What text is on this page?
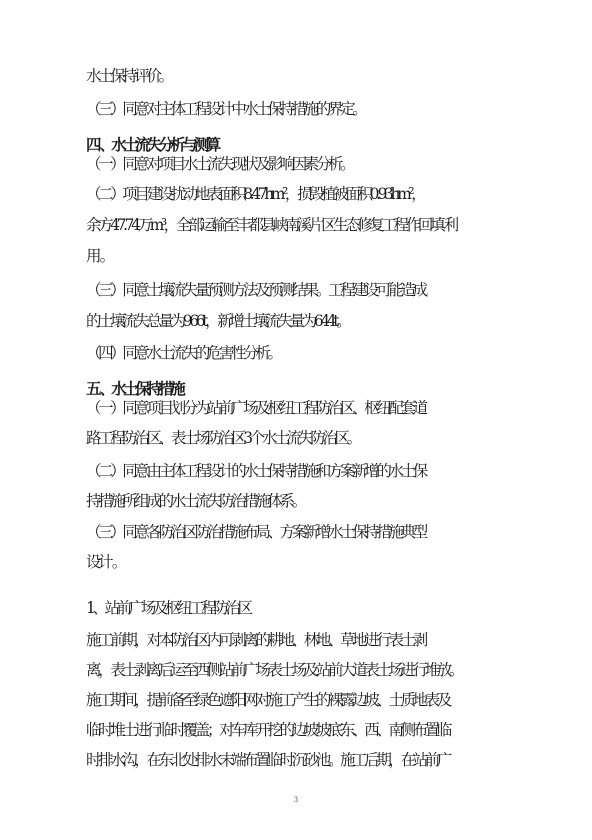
水土保持评价。
（三）同意对主体工程设计中水土保持措施的界定。
四 、水土流失分析与测算
（一）同意对项目水土流失现状及影响因素分析。
（二）项目建设扰动地表面积8.47hm²，损毁植被面积0.93hm²，
余方47.74万m³，全部运输至丰都县峡南溪片区生态修复工程作回填 利
用 。
（三）同意土壤流失量预测方法及预测结果。工程建设可能造成
的土壤流失总量为966t，新增土壤流失量为644t。
（四）同意水土流失的危害性分析。
五 、水土保持措施
（一）同意项目划分为站前广场及枢纽工程防治区、枢纽配套道
路工程防治区、表土场防治区3个水土流失防治区。
（二）同意由主体工程设计的水土保持措施和方案新增的水土保
持措施所组成的水土流失防治措施体系。
（三）同意各防治区防治措施布局、方案新增水土保持措施典型
设计 。
1、站前广场及枢纽工程防治区
施工前期，对本防治区内可剥离的耕地、林地、草地进行表土剥
离，表土剥离后运至西侧站前广场表土场及站前大道表土场进行堆放。
施工期间，提前备至绿色遮阳网对施工产生的裸露边坡、土质地表及
临时堆土进行临时覆盖；对车库开挖的边坡坡底东、西、南侧布置临
时排水沟，在东北处排水末端布置临时沉砂池。施工后期，在站前广
3
